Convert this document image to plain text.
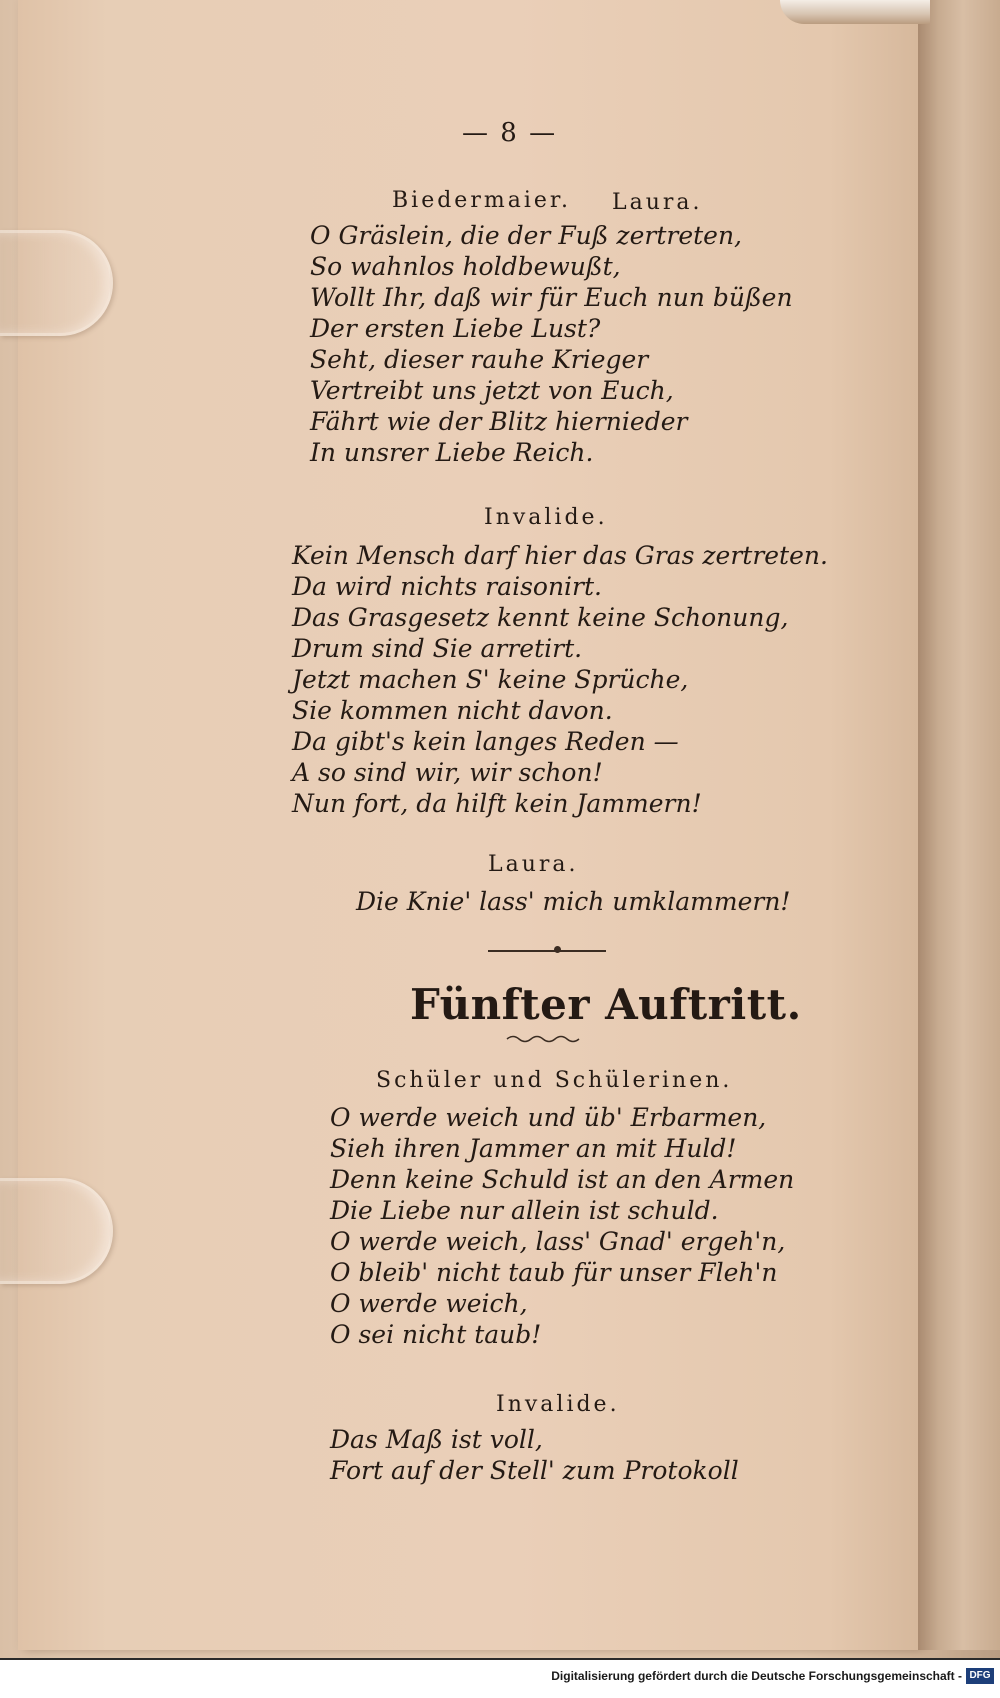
— 8 —
Biedermaier. Laura.
O Gräslein, die der Fuß zertreten,
So wahnlos holdbewußt,
Wollt Ihr, daß wir für Euch nun büßen
Der ersten Liebe Lust?
Seht, dieser rauhe Krieger
Vertreibt uns jetzt von Euch,
Fährt wie der Blitz hiernieder
In unsrer Liebe Reich.
Invalide.
Kein Mensch darf hier das Gras zertreten.
Da wird nichts raisonirt.
Das Grasgesetz kennt keine Schonung,
Drum sind Sie arretirt.
Jetzt machen S' keine Sprüche,
Sie kommen nicht davon.
Da gibt's kein langes Reden —
A so sind wir, wir schon!
Nun fort, da hilft kein Jammern!
Laura.
Die Knie' lass' mich umklammern!
Fünfter Auftritt.
Schüler und Schülerinen.
O werde weich und üb' Erbarmen,
Sieh ihren Jammer an mit Huld!
Denn keine Schuld ist an den Armen
Die Liebe nur allein ist schuld.
O werde weich, lass' Gnad' ergeh'n,
O bleib' nicht taub für unser Fleh'n
O werde weich,
O sei nicht taub!
Invalide.
Das Maß ist voll,
Fort auf der Stell' zum Protokoll
Digitalisierung gefördert durch die Deutsche Forschungsgemeinschaft - DFG
